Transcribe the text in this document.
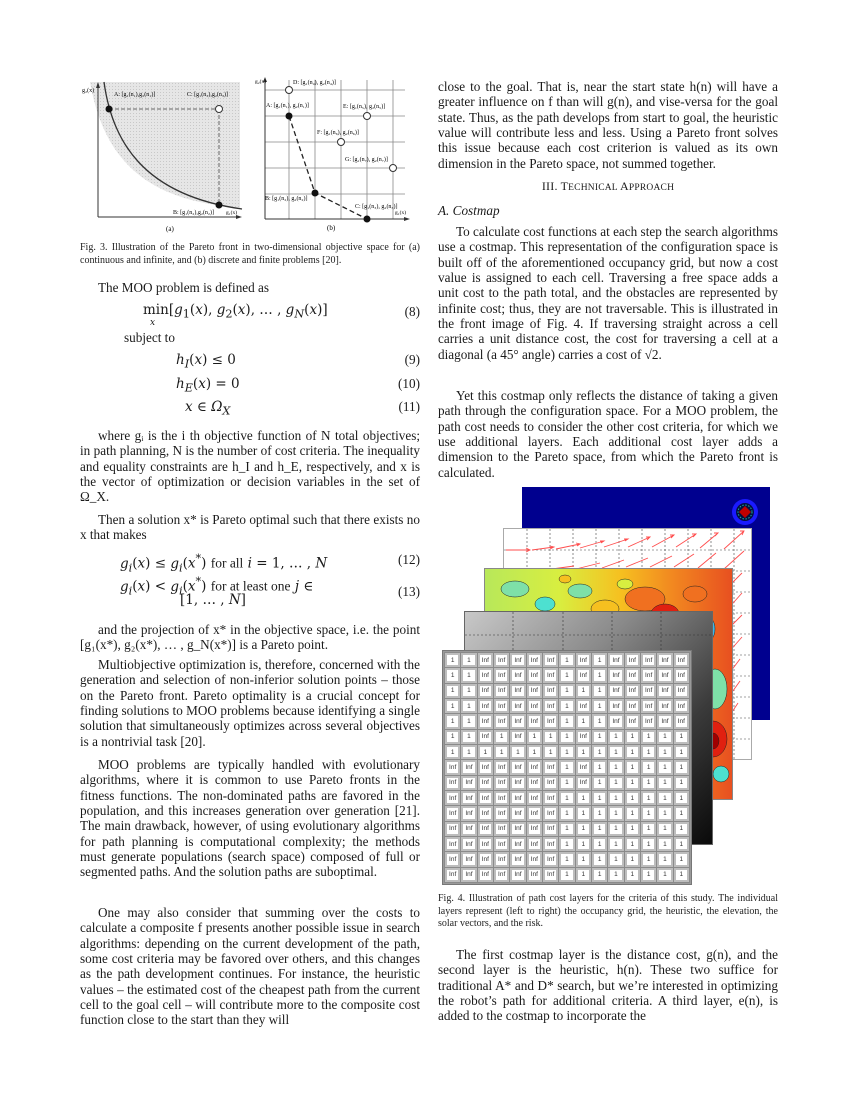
g₂(x)
A: [g₁(n₁),g₂(n₁)]	C: [g₁(n₃),g₂(n₃)]
B: [g₁(n₂),g₂(n₂)] g₁(x)
(a)
g₂(x)	D: [g₁(n₄), g₂(n₄)]
A: [g₁(n₁), g₂(n₁)]	E: [g₁(n₅), g₂(n₅)]
F: [g₁(n₆), g₂(n₆)]
G: [g₁(n₇), g₂(n₇)]
B: [g₁(n₂), g₂(n₂)]
C: [g₁(n₃), g₂(n₃)]
g₁(x)
(b)
Fig. 3. Illustration of the Pareto front in two-dimensional objective space for (a) continuous and infinite, and (b) discrete and finite problems [20].
The MOO problem is defined as
$\min[g_1(x)$, $g_2(x)$, … , $g_N(x)$]
x
(8)
subject to
$h_I(x) \le 0$	(9)
$h_E(x) = 0$	(10)
x ∈ $\Omega_X$	(11)
where gᵢ is the i th objective function of N total objectives; in path planning, N is the number of cost criteria. The inequality and equality constraints are h_I and h_E, respectively, and x is the vector of optimization or decision variables in the set of Ω_X.
Then a solution x* is Pareto optimal such that there exists no x that makes
$g_i(x) \le g_i(x^*)$ for all i = 1, … , N	(12)
$g_i(x) < g_i(x^*)$ for at least one j ∈
[1, … , N]
(13)
and the projection of x* in the objective space, i.e. the point [g₁(x*), g₂(x*), … , g_N(x*)] is a Pareto point.
Multiobjective optimization is, therefore, concerned with the generation and selection of non-inferior solution points – those on the Pareto front. Pareto optimality is a crucial concept for finding solutions to MOO problems because identifying a single solution that simultaneously optimizes across several objectives is a nontrivial task [20].
MOO problems are typically handled with evolutionary algorithms, where it is common to use Pareto fronts in the fitness functions. The non-dominated paths are favored in the population, and this increases generation over generation [21]. The main drawback, however, of using evolutionary algorithms for path planning is computational complexity; the methods must generate populations (search space) composed of full or segmented paths. And the solution paths are suboptimal.
One may also consider that summing over the costs to calculate a composite f presents another possible issue in search algorithms: depending on the current development of the path, some cost criteria may be favored over others, and this changes as the path development continues. For instance, the heuristic values – the estimated cost of the cheapest path from the current cell to the goal cell – will contribute more to the composite cost function close to the start than they will
close to the goal. That is, near the start state h(n) will have a greater influence on f than will g(n), and vise-versa for the goal state. Thus, as the path develops from start to goal, the heuristic value will contribute less and less. Using a Pareto front solves this issue because each cost criterion is valued as its own dimension in the Pareto space, not summed together.
III. TECHNICAL APPROACH
A. Costmap
To calculate cost functions at each step the search algorithms use a costmap. This representation of the configuration space is built off of the aforementioned occupancy grid, but now a cost value is assigned to each cell. Traversing a free space adds a unit cost to the path total, and the obstacles are represented by infinite cost; thus, they are not traversable. This is illustrated in the front image of Fig. 4. If traversing straight across a cell carries a unit distance cost, the cost for traversing a cell at a diagonal (a 45° angle) carries a cost of √2.
Yet this costmap only reflects the distance of taking a given path through the configuration space. For a MOO problem, the path cost needs to consider the other cost criteria, for which we use additional layers. Each additional cost layer adds a dimension to the Pareto space, from which the Pareto front is calculated.
1	1	Inf	Inf	Inf	Inf	Inf	1	Inf	1	Inf	Inf	Inf	Inf	Inf
1	1	Inf	Inf	Inf	Inf	Inf	1	Inf	1	Inf	Inf	Inf	Inf	Inf
1	1	Inf	Inf	Inf	Inf	Inf	1	1	1	Inf	Inf	Inf	Inf	Inf
1	1	Inf	Inf	Inf	Inf	Inf	1	Inf	1	Inf	Inf	Inf	Inf	Inf
1	1	Inf	Inf	Inf	Inf	Inf	1	1	1	Inf	Inf	Inf	Inf	Inf
1	1	Inf	1	Inf	1	1	1	Inf	1	1	1	1	1	1
1	1	1	1	1	1	1	1	1	1	1	1	1	1	1
Inf	Inf	Inf	Inf	Inf	Inf	Inf	1	Inf	1	1	1	1	1	1
Inf	Inf	Inf	Inf	Inf	Inf	Inf	1	Inf	1	1	1	1	1	1
Inf	Inf	Inf	Inf	Inf	Inf	Inf	1	1	1	1	1	1	1	1
Inf	Inf	Inf	Inf	Inf	Inf	Inf	1	1	1	1	1	1	1	1
Inf	Inf	Inf	Inf	Inf	Inf	Inf	1	1	1	1	1	1	1	1
Inf	Inf	Inf	Inf	Inf	Inf	Inf	1	1	1	1	1	1	1	1
Inf	Inf	Inf	Inf	Inf	Inf	Inf	1	1	1	1	1	1	1	1
Inf	Inf	Inf	Inf	Inf	Inf	Inf	1	1	1	1	1	1	1	1
Fig. 4. Illustration of path cost layers for the criteria of this study. The individual layers represent (left to right) the occupancy grid, the heuristic, the elevation, the solar vectors, and the risk.
The first costmap layer is the distance cost, g(n), and the second layer is the heuristic, h(n). These two suffice for traditional A* and D* search, but we’re interested in optimizing the robot’s path for additional criteria. A third layer, e(n), is added to the costmap to incorporate the
